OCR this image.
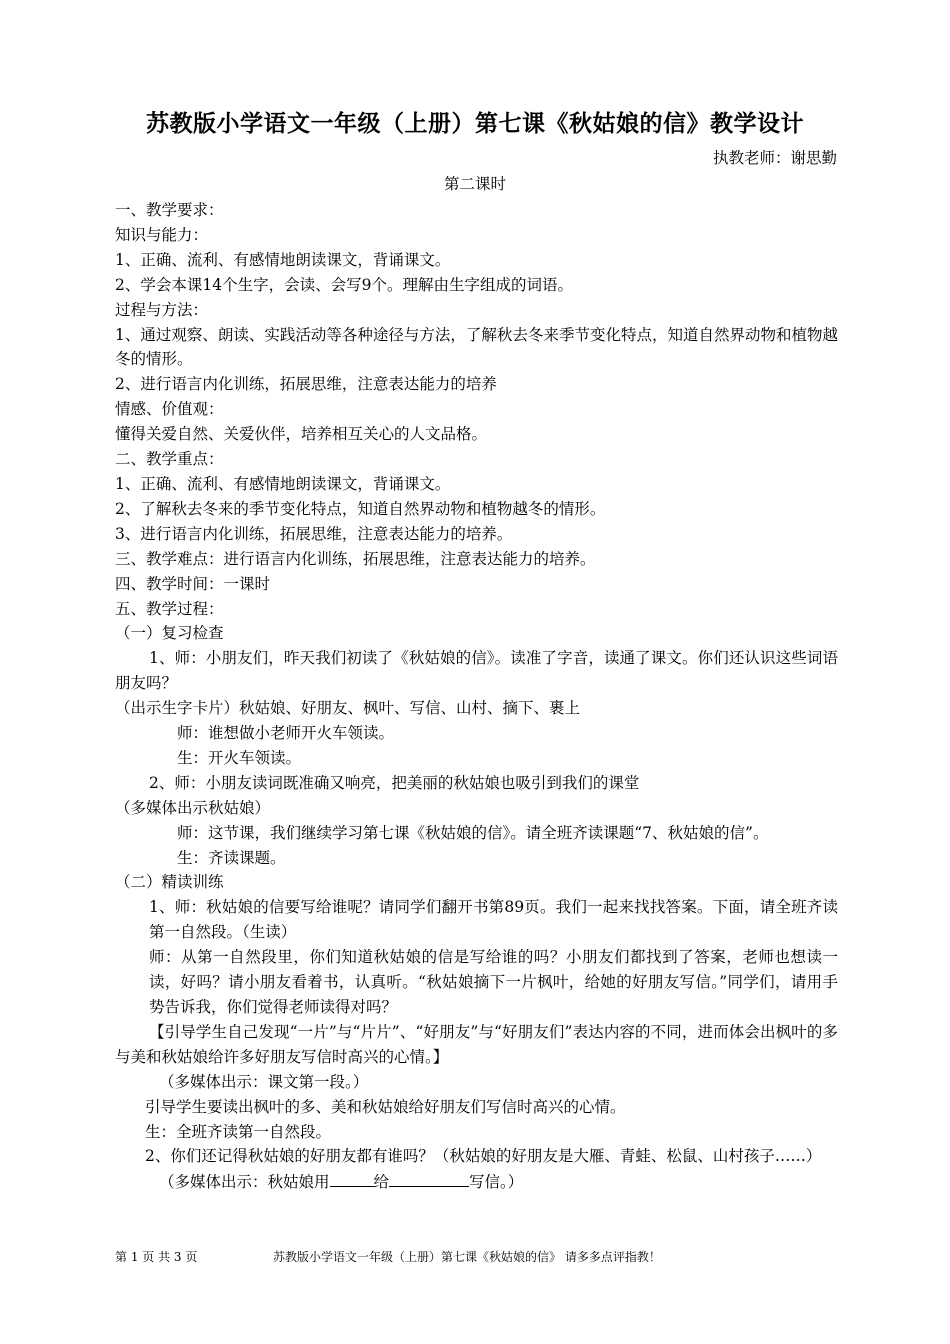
苏教版小学语文一年级（上册）第七课《秋姑娘的信》教学设计
执教老师：谢思勤
第二课时

一、教学要求：

知识与能力：

1、正确、流利、有感情地朗读课文，背诵课文。

2、学会本课14个生字，会读、会写9个。理解由生字组成的词语。

过程与方法：

1、通过观察、朗读、实践活动等各种途径与方法，了解秋去冬来季节变化特点，知道自然界动物和植物越冬的情形。

2、进行语言内化训练，拓展思维，注意表达能力的培养

情感、价值观：

懂得关爱自然、关爱伙伴，培养相互关心的人文品格。

二、教学重点：

1、正确、流利、有感情地朗读课文，背诵课文。

2、了解秋去冬来的季节变化特点，知道自然界动物和植物越冬的情形。

3、进行语言内化训练，拓展思维，注意表达能力的培养。

三、教学难点：进行语言内化训练，拓展思维，注意表达能力的培养。

四、教学时间：一课时

五、教学过程：

（一）复习检查

1、师：小朋友们，昨天我们初读了《秋姑娘的信》。读准了字音，读通了课文。你们还认识这些词语朋友吗？

（出示生字卡片）秋姑娘、好朋友、枫叶、写信、山村、摘下、裹上

师：谁想做小老师开火车领读。

生：开火车领读。

2、师：小朋友读词既准确又响亮，把美丽的秋姑娘也吸引到我们的课堂

（多媒体出示秋姑娘）

师：这节课，我们继续学习第七课《秋姑娘的信》。请全班齐读课题“7、秋姑娘的信”。

生：齐读课题。

（二）精读训练

1、师：秋姑娘的信要写给谁呢？请同学们翻开书第89页。我们一起来找找答案。下面，请全班齐读第一自然段。（生读）

师：从第一自然段里，你们知道秋姑娘的信是写给谁的吗？小朋友们都找到了答案，老师也想读一读，好吗？请小朋友看着书，认真听。“秋姑娘摘下一片枫叶，给她的好朋友写信。”同学们，请用手势告诉我，你们觉得老师读得对吗？

【引导学生自己发现“一片”与“片片”、“好朋友”与“好朋友们”表达内容的不同，进而体会出枫叶的多与美和秋姑娘给许多好朋友写信时高兴的心情。】

（多媒体出示：课文第一段。）

引导学生要读出枫叶的多、美和秋姑娘给好朋友们写信时高兴的心情。

生：全班齐读第一自然段。

2、你们还记得秋姑娘的好朋友都有谁吗？（秋姑娘的好朋友是大雁、青蛙、松鼠、山村孩子……）

（多媒体出示：秋姑娘用	给	写信。）

第 1 页 共 3 页	苏教版小学语文一年级（上册）第七课《秋姑娘的信》 请多多点评指教！
